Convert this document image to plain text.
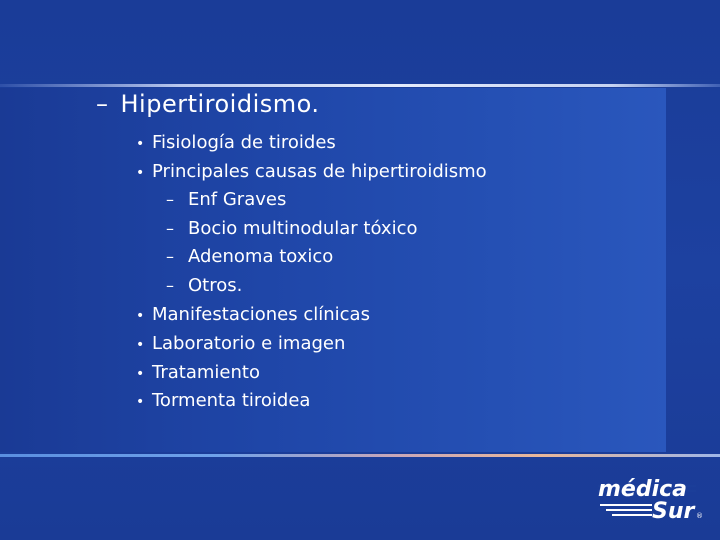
– Hipertiroidismo.
• Fisiología de tiroides
• Principales causas de hipertiroidismo
– Enf Graves
– Bocio multinodular tóxico
– Adenoma toxico
– Otros.
• Manifestaciones clínicas
• Laboratorio e imagen
• Tratamiento
• Tormenta tiroidea
médica
Sur ®
